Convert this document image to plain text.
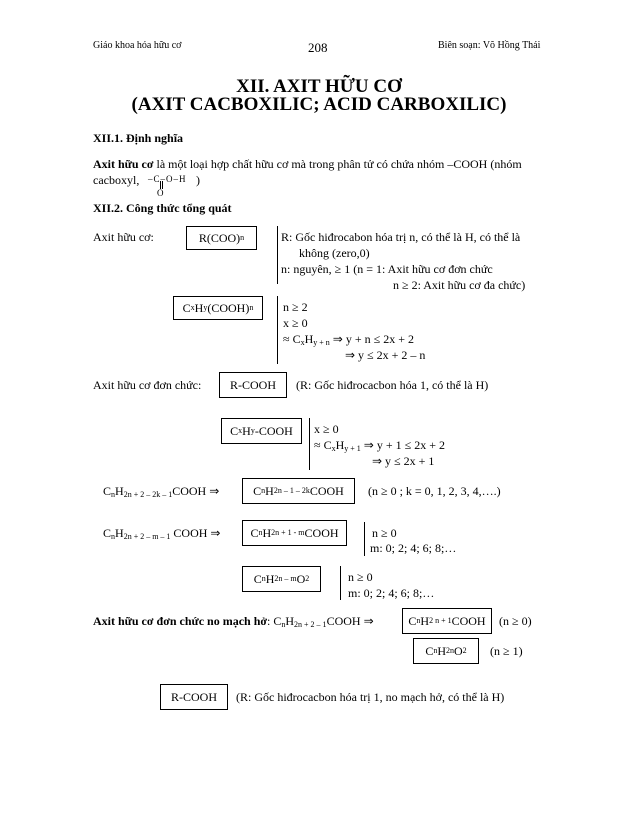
Giáo khoa hóa hữu cơ	208	Biên soạn: Võ Hồng Thái
XII. AXIT HỮU CƠ
(AXIT CACBOXILIC; ACID CARBOXILIC)
XII.1. Định nghĩa
Axit hữu cơ là một loại hợp chất hữu cơ mà trong phân tử có chứa nhóm –COOH (nhóm
cacboxyl, –C–O–H
O
)
XII.2. Công thức tổng quát
Axit hữu cơ:	R(COO) n	R: Gốc hiđrocabon hóa trị n, có thể là H, có thể là
không (zero,0)
n: nguyên, ≥ 1 (n = 1: Axit hữu cơ đơn chức
n ≥ 2: Axit hữu cơ đa chức)
C x H y (COOH) n n ≥ 2
x ≥ 0
≈ $C_xH_{y + n}$ ⇒ y + n ≤ 2x + 2
⇒ y ≤ 2x + 2 – n
Axit hữu cơ đơn chức:	R-COOH	(R: Gốc hiđrocacbon hóa 1, có thể là H)
C x H y -COOH x ≥ 0
≈ $C_xH_{y + 1}$ ⇒ y + 1 ≤ 2x + 2
⇒ y ≤ 2x + 1
$C_nH_{2n + 2 - 2k - 1}COOH$ ⇒	C n H 2n – 1 – 2k COOH (n ≥ 0 ; k = 0, 1, 2, 3, 4,….)
$C_nH_{2n + 2 - m - 1}$ COOH ⇒ C n H 2n + 1 - m COOH	n ≥ 0
m: 0; 2; 4; 6; 8;…
C n H 2n – m O 2	n ≥ 0
m: 0; 2; 4; 6; 8;…
Axit hữu cơ đơn chức no mạch hở: $C_nH_{2n + 2 - 1}COOH$ ⇒	C n H 2 n + 1 COOH (n ≥ 0)
C n H 2n O 2 (n ≥ 1)
R-COOH	(R: Gốc hiđrocacbon hóa trị 1, no mạch hở, có thể là H)
